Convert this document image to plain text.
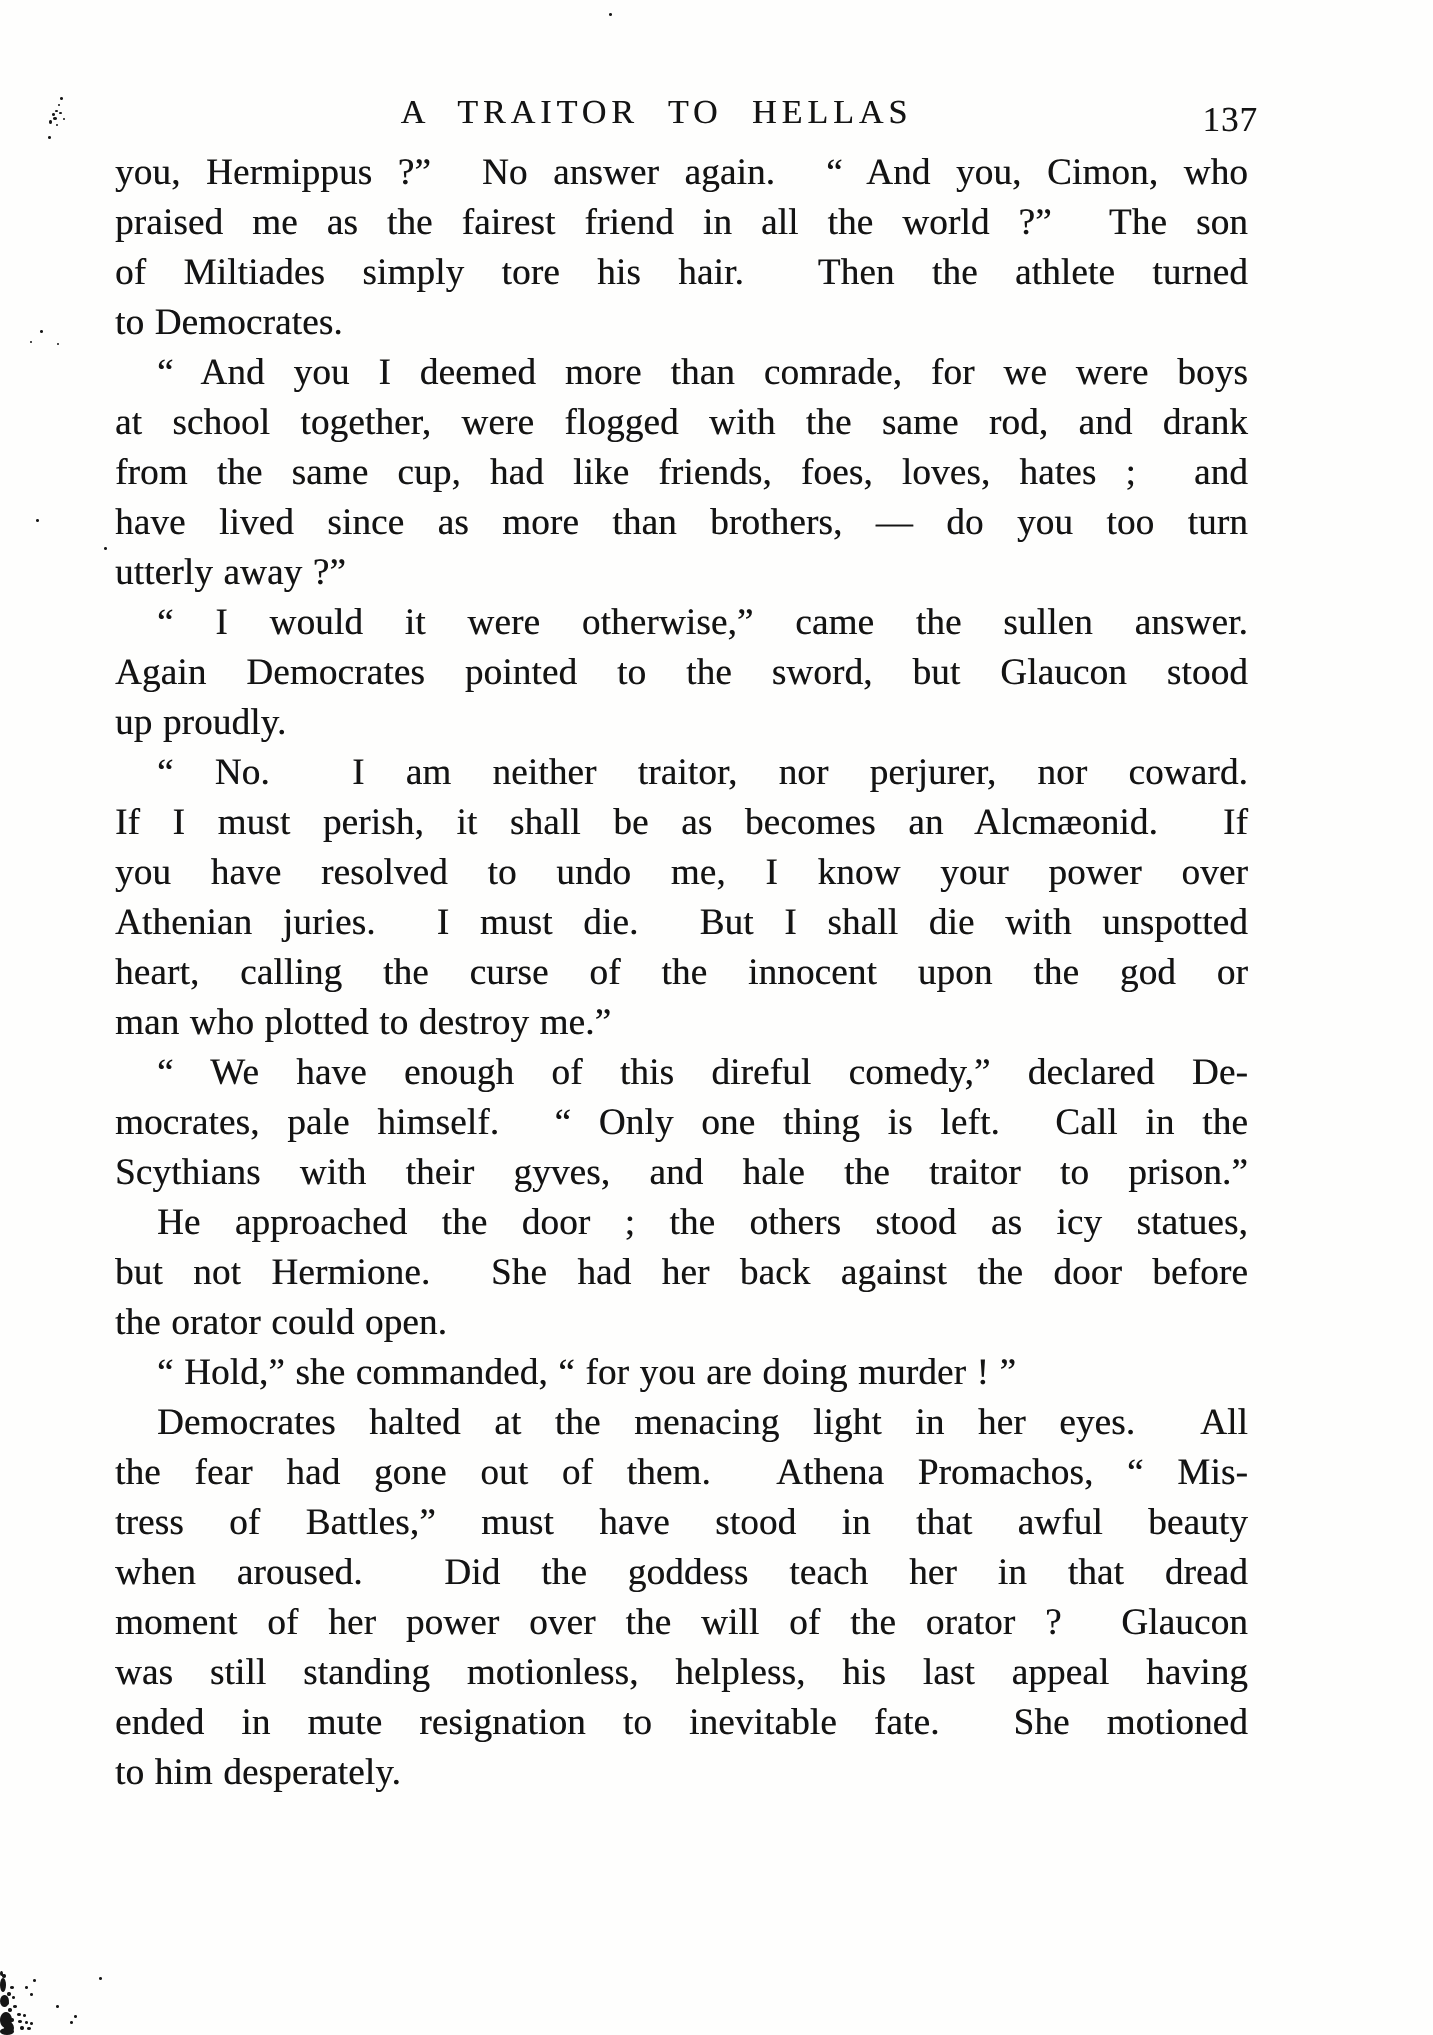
A TRAITOR TO HELLAS	137
you, Hermippus ?”  No answer again.  “ And you, Cimon, who
praised me as the fairest friend in all the world ?”  The son
of Miltiades simply tore his hair.  Then the athlete turned
to Democrates.
“ And you I deemed more than comrade, for we were boys
at school together, were flogged with the same rod, and drank
from the same cup, had like friends, foes, loves, hates ;  and
have lived since as more than brothers, — do you too turn
utterly away ?”
“ I would it were otherwise,” came the sullen answer.
Again Democrates pointed to the sword, but Glaucon stood
up proudly.
“ No.  I am neither traitor, nor perjurer, nor coward.
If I must perish, it shall be as becomes an Alcmæonid.  If
you have resolved to undo me, I know your power over
Athenian juries.  I must die.  But I shall die with unspotted
heart, calling the curse of the innocent upon the god or
man who plotted to destroy me.”
“ We have enough of this direful comedy,” declared De-
mocrates, pale himself.  “ Only one thing is left.  Call in the
Scythians with their gyves, and hale the traitor to prison.”
He approached the door ; the others stood as icy statues,
but not Hermione.  She had her back against the door before
the orator could open.
“ Hold,” she commanded, “ for you are doing murder ! ”
Democrates halted at the menacing light in her eyes.  All
the fear had gone out of them.  Athena Promachos, “ Mis-
tress of Battles,” must have stood in that awful beauty
when aroused.  Did the goddess teach her in that dread
moment of her power over the will of the orator ?  Glaucon
was still standing motionless, helpless, his last appeal having
ended in mute resignation to inevitable fate.  She motioned
to him desperately.
